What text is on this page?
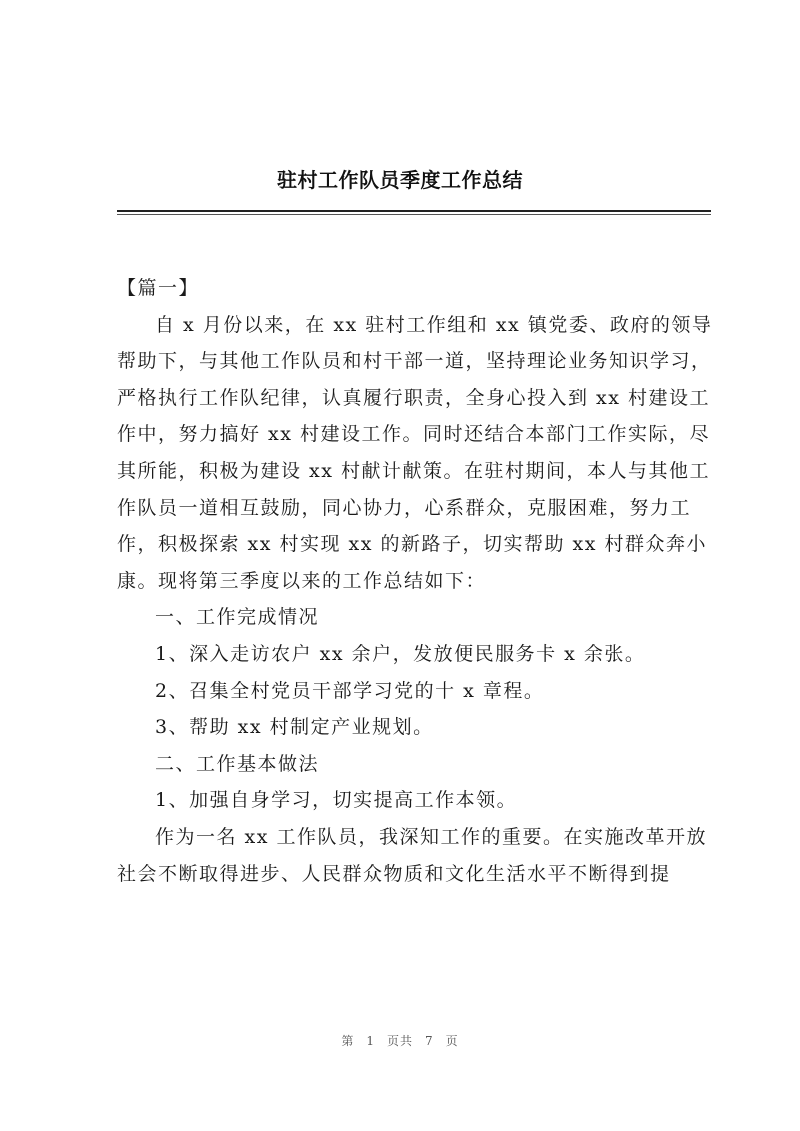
驻村工作队员季度工作总结

【篇一】

自 x 月份以来，在 xx 驻村工作组和 xx 镇党委、政府的领导帮助下，与其他工作队员和村干部一道，坚持理论业务知识学习，严格执行工作队纪律，认真履行职责，全身心投入到 xx 村建设工作中，努力搞好 xx 村建设工作。同时还结合本部门工作实际，尽其所能，积极为建设 xx 村献计献策。在驻村期间，本人与其他工作队员一道相互鼓励，同心协力，心系群众，克服困难，努力工作，积极探索 xx 村实现 xx 的新路子，切实帮助 xx 村群众奔小康。现将第三季度以来的工作总结如下：

一、工作完成情况

1、深入走访农户 xx 余户，发放便民服务卡 x 余张。

2、召集全村党员干部学习党的十 x 章程。

3、帮助 xx 村制定产业规划。

二、工作基本做法

1、加强自身学习，切实提高工作本领。

作为一名 xx 工作队员，我深知工作的重要。在实施改革开放社会不断取得进步、人民群众物质和文化生活水平不断得到提

第 1 页共 7 页
